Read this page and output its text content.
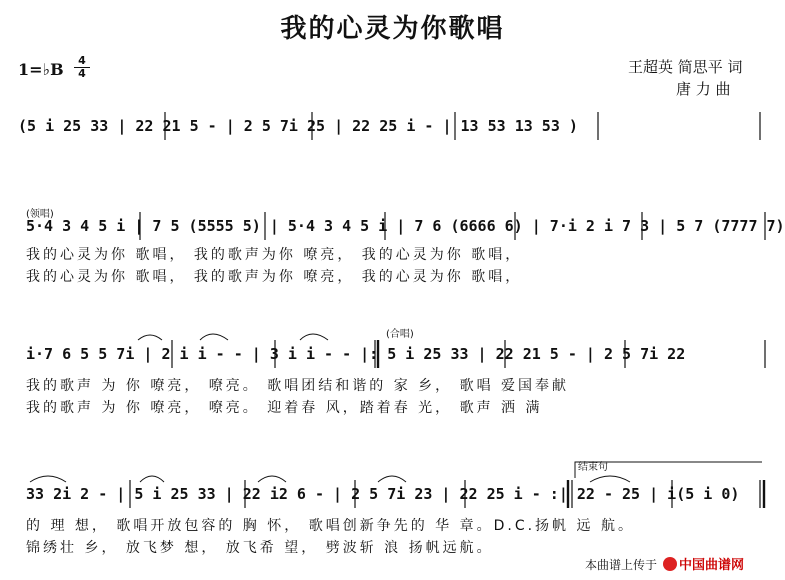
我的心灵为你歌唱
1=♭B	4
4	王超英 简思平 词
唐 力 曲
(5 i 25 33 | 22 21 5 - | 2 5 7i 25 | 22 25 i - | 13 53 13 53 )
(领唱)
5·4 3 4 5 i | 7 5 (5555 5) | 5·4 3 4 5 i | 7 6 (6666 6) | 7·i 2 i 7 3 | 5 7 (7777 7)
我的心灵为你 歌唱， 我的歌声为你 嘹亮， 我的心灵为你 歌唱，
我的心灵为你 歌唱， 我的歌声为你 嘹亮， 我的心灵为你 歌唱，
(合唱)
i·7 6 5 5 7i | 2 i i - - | 3 i i - - |: 5 i 25 33 | 22 21 5 - | 2 5 7i 22
我的歌声 为 你 嘹亮， 嘹亮。 歌唱团结和谐的 家 乡， 歌唱 爱国奉献
我的歌声 为 你 嘹亮， 嘹亮。 迎着春 风，踏着春 光， 歌声 洒 满
结束句
33 2i 2 - | 5 i 25 33 | 22 i2 6 - | 2 5 7i 23 | 22 25 i - :| 22 - 25 | i(5 i 0)
的 理 想， 歌唱开放包容的 胸 怀， 歌唱创新争先的 华 章。D.C.扬帆 远 航。
锦绣壮 乡， 放飞梦 想， 放飞希 望， 劈波斩 浪 扬帆远航。
本曲谱上传于	中国曲谱网
